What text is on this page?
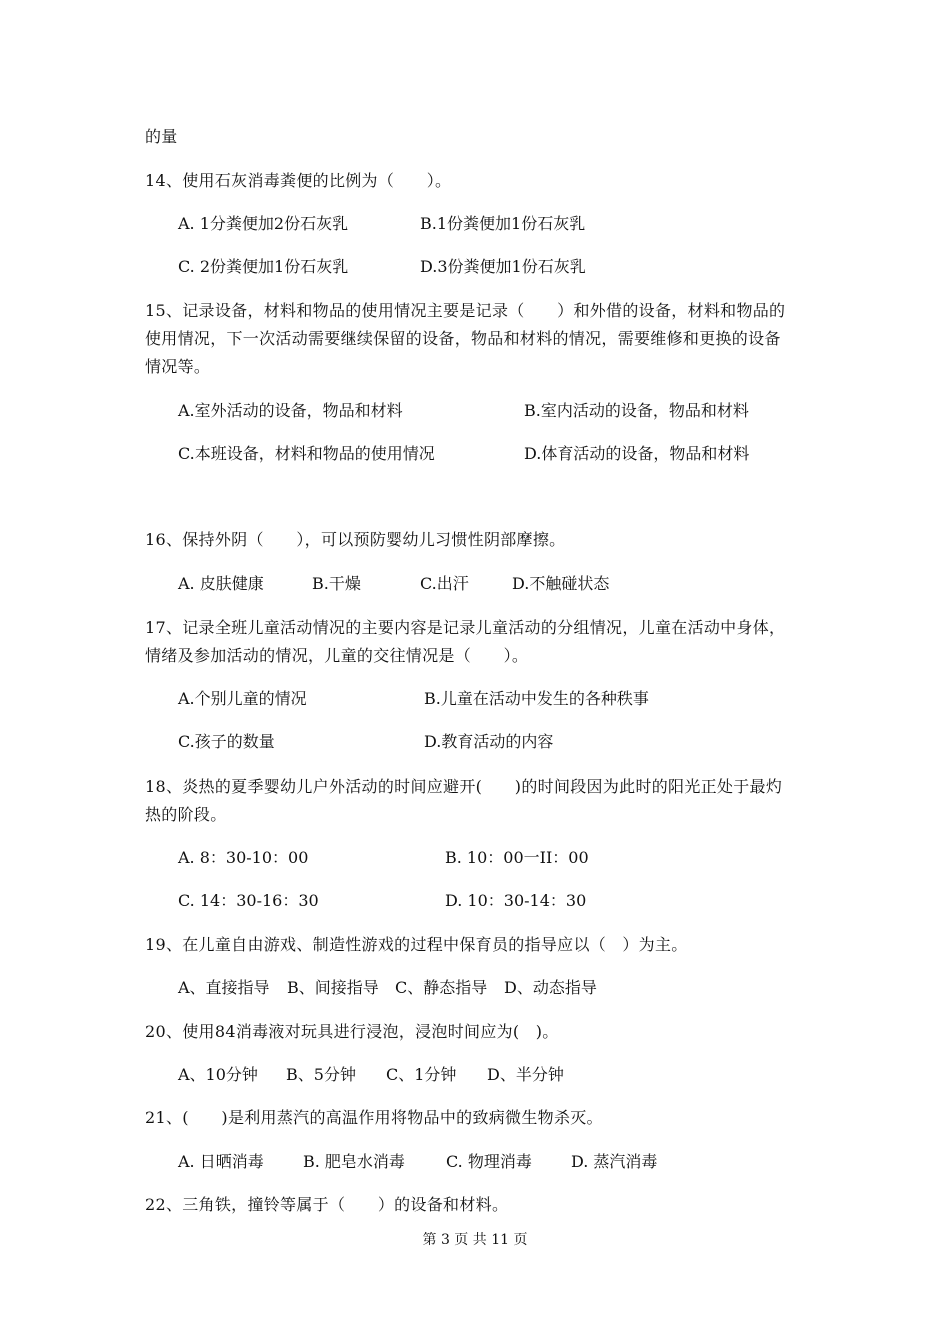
的量
14、使用石灰消毒粪便的比例为（　　）。
A. 1分粪便加2份石灰乳	B.1份粪便加1份石灰乳
C. 2份粪便加1份石灰乳	D.3份粪便加1份石灰乳
15、记录设备，材料和物品的使用情况主要是记录（　　）和外借的设备，材料和物品的
使用情况，下一次活动需要继续保留的设备，物品和材料的情况，需要维修和更换的设备
情况等。
A.室外活动的设备，物品和材料	B.室内活动的设备，物品和材料
C.本班设备，材料和物品的使用情况	D.体育活动的设备，物品和材料
16、保持外阴（　　），可以预防婴幼儿习惯性阴部摩擦。
A. 皮肤健康	B.干燥	C.出汗	D.不触碰状态
17、记录全班儿童活动情况的主要内容是记录儿童活动的分组情况，儿童在活动中身体，
情绪及参加活动的情况，儿童的交往情况是（　　）。
A.个别儿童的情况	B.儿童在活动中发生的各种秩事
C.孩子的数量	D.教育活动的内容
18、炎热的夏季婴幼儿户外活动的时间应避开(　　)的时间段因为此时的阳光正处于最灼
热的阶段。
A. 8：30-10：00	B. 10：00一II：00
C. 14：30-16：30	D. 10：30-14：30
19、在儿童自由游戏、制造性游戏的过程中保育员的指导应以（　）为主。
A、直接指导 B、间接指导 C、静态指导 D、动态指导
20、使用84消毒液对玩具进行浸泡，浸泡时间应为(　)。
A、10分钟 B、5分钟 C、1分钟 D、半分钟
21、(　　)是利用蒸汽的高温作用将物品中的致病微生物杀灭。
A. 日晒消毒 B. 肥皂水消毒	C. 物理消毒 D. 蒸汽消毒
22、三角铁，撞铃等属于（　　）的设备和材料。
第 3 页 共 11 页
